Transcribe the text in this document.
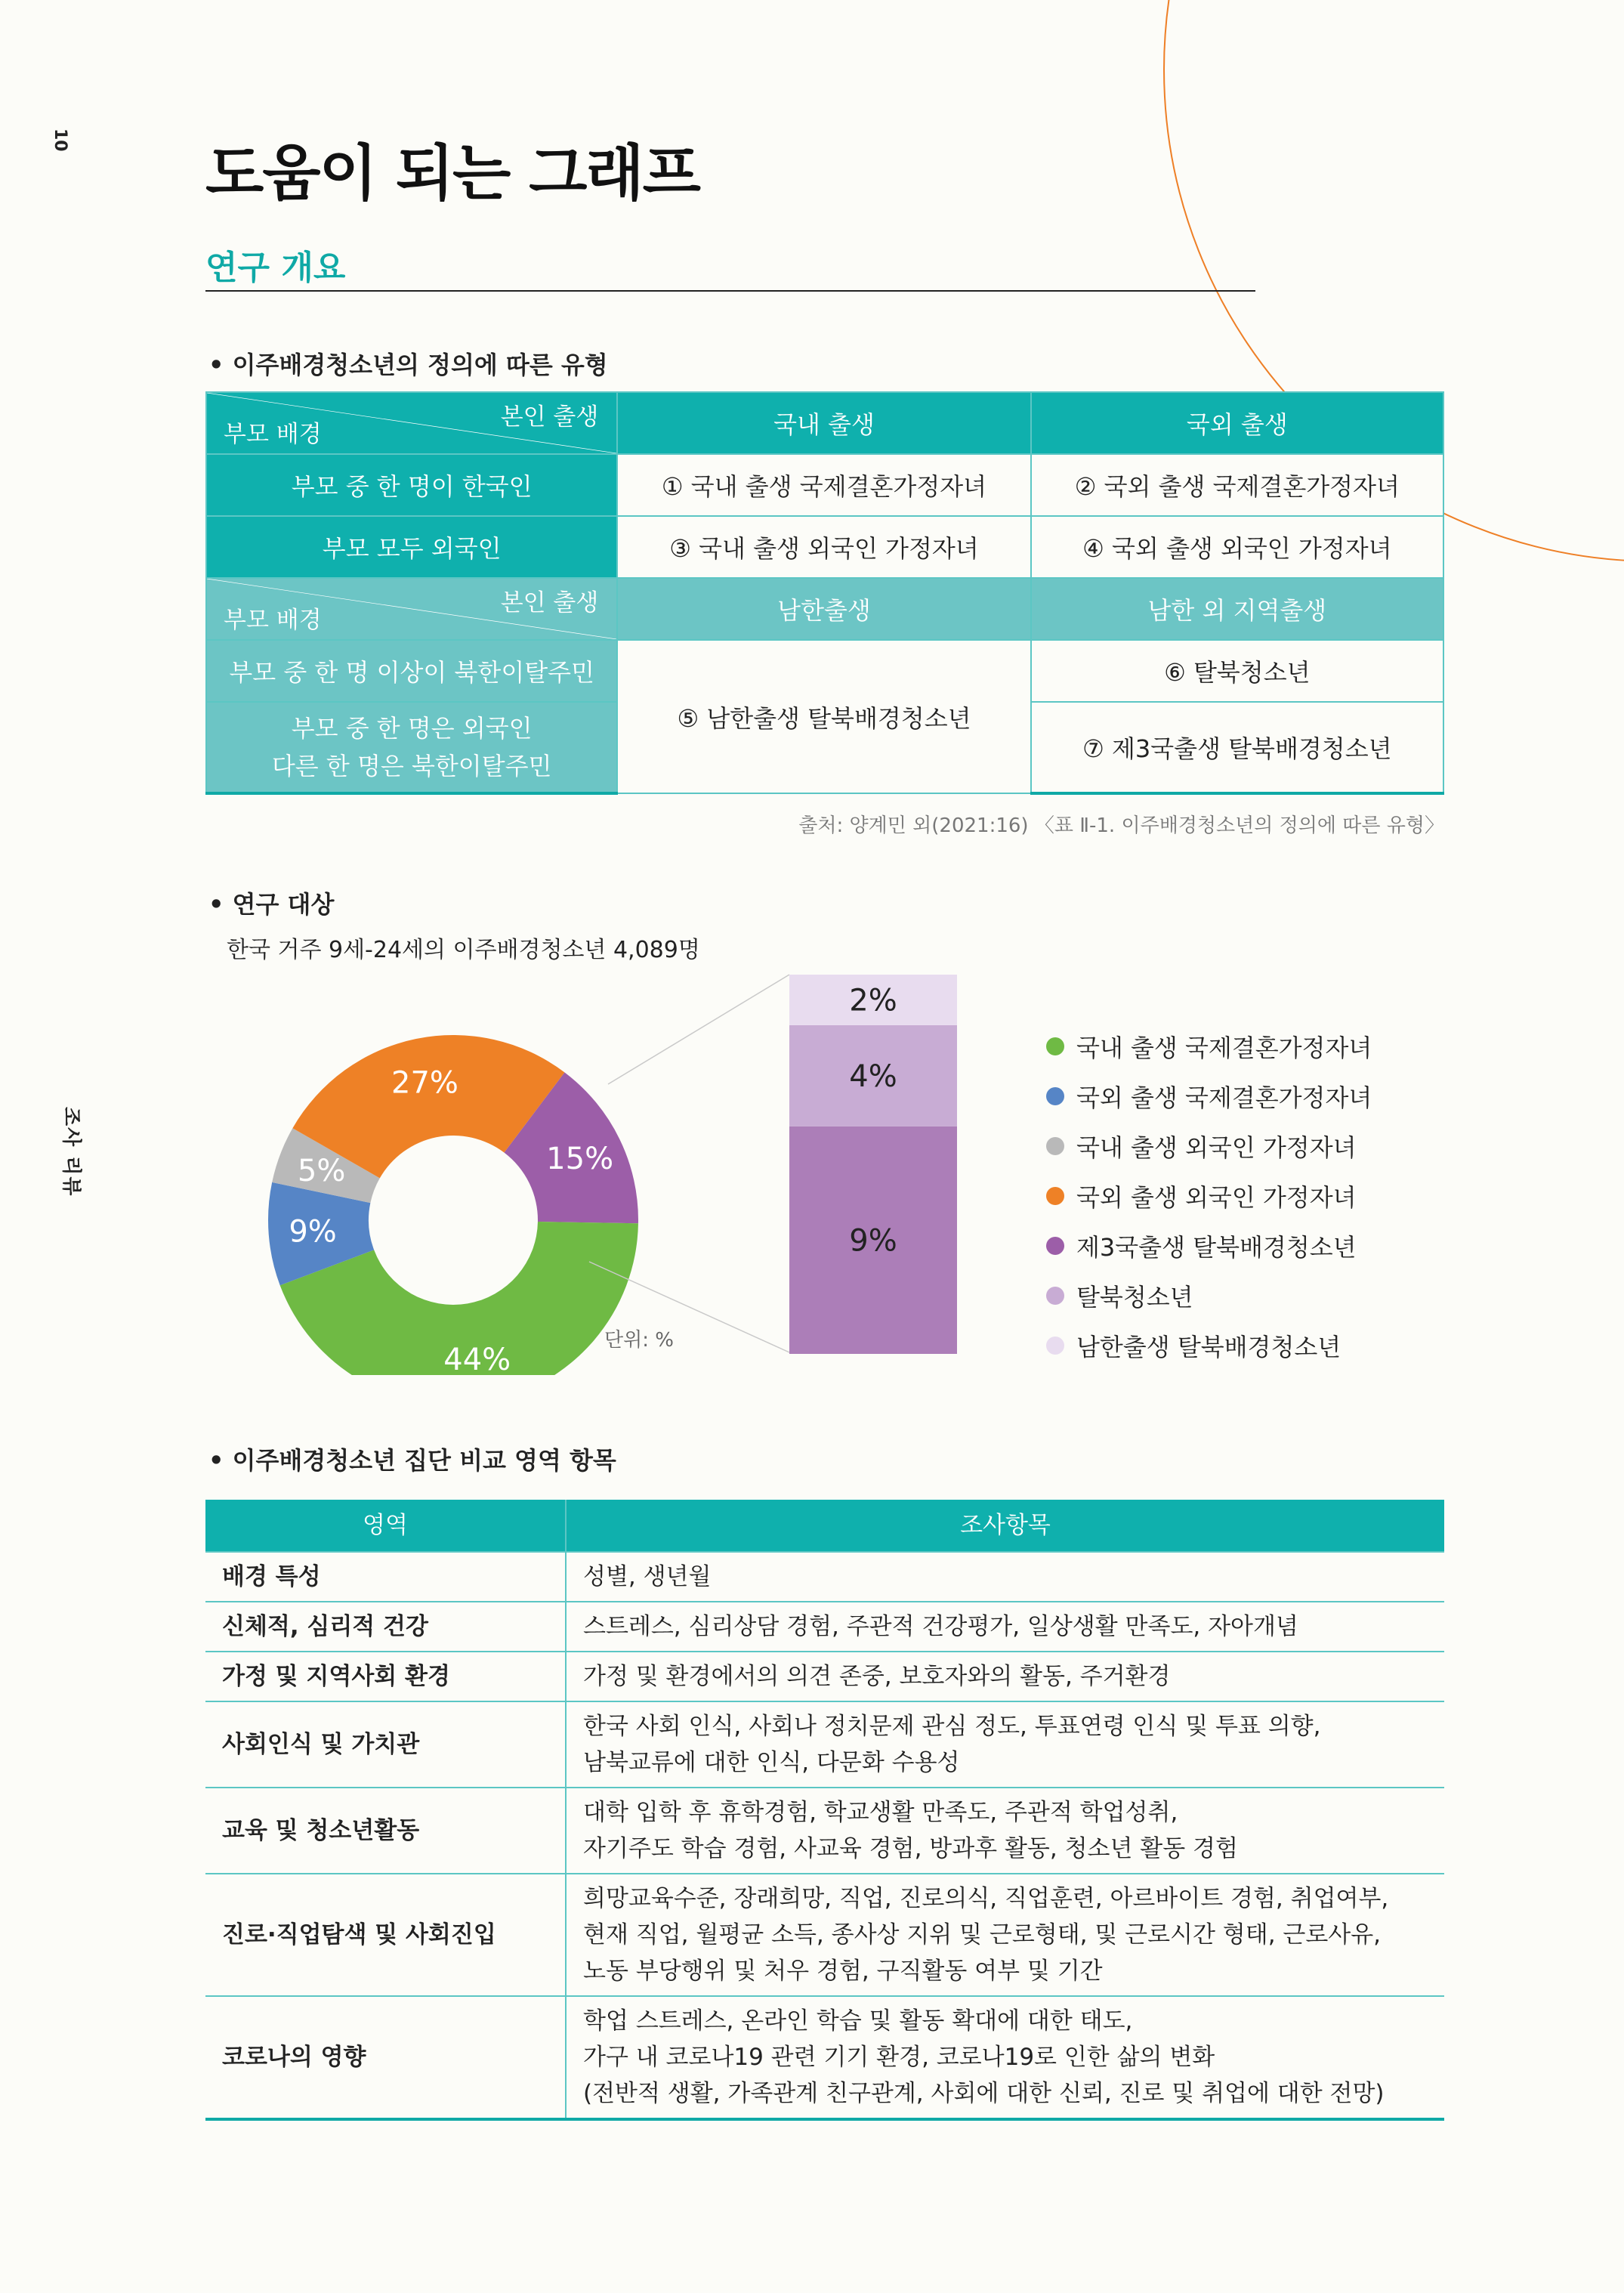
10
조사 리뷰
도움이 되는 그래프
연구 개요
• 이주배경청소년의 정의에 따른 유형
본인 출생
부모 배경	국내 출생	국외 출생
부모 중 한 명이 한국인	① 국내 출생 국제결혼가정자녀	② 국외 출생 국제결혼가정자녀
부모 모두 외국인	③ 국내 출생 외국인 가정자녀	④ 국외 출생 외국인 가정자녀

본인 출생
부모 배경	남한출생	남한 외 지역출생
부모 중 한 명 이상이 북한이탈주민	⑤ 남한출생 탈북배경청소년	⑥ 탈북청소년

부모 중 한 명은 외국인
다른 한 명은 북한이탈주민		⑦ 제3국출생 탈북배경청소년
출처: 양계민 외(2021:16) 〈표 Ⅱ-1. 이주배경청소년의 정의에 따른 유형〉
• 연구 대상
한국 거주 9세-24세의 이주배경청소년 4,089명
15%
44%
9%
5%
27%
9%
4%
2%
단위: %
국내 출생 국제결혼가정자녀
국외 출생 국제결혼가정자녀
국내 출생 외국인 가정자녀
국외 출생 외국인 가정자녀
제3국출생 탈북배경청소년
탈북청소년
남한출생 탈북배경청소년
• 이주배경청소년 집단 비교 영역 항목
영역	조사항목
배경 특성	성별, 생년월

신체적, 심리적 건강	스트레스, 심리상담 경험, 주관적 건강평가, 일상생활 만족도, 자아개념

가정 및 지역사회 환경	가정 및 환경에서의 의견 존중, 보호자와의 활동, 주거환경

사회인식 및 가치관	한국 사회 인식, 사회나 정치문제 관심 정도, 투표연령 인식 및 투표 의향,
남북교류에 대한 인식, 다문화 수용성

교육 및 청소년활동	대학 입학 후 휴학경험, 학교생활 만족도, 주관적 학업성취,
자기주도 학습 경험, 사교육 경험, 방과후 활동, 청소년 활동 경험

진로·직업탐색 및 사회진입	희망교육수준, 장래희망, 직업, 진로의식, 직업훈련, 아르바이트 경험, 취업여부,
현재 직업, 월평균 소득, 종사상 지위 및 근로형태, 및 근로시간 형태, 근로사유,
노동 부당행위 및 처우 경험, 구직활동 여부 및 기간

코로나의 영향	학업 스트레스, 온라인 학습 및 활동 확대에 대한 태도,
가구 내 코로나19 관련 기기 환경, 코로나19로 인한 삶의 변화
(전반적 생활, 가족관계 친구관계, 사회에 대한 신뢰, 진로 및 취업에 대한 전망)
